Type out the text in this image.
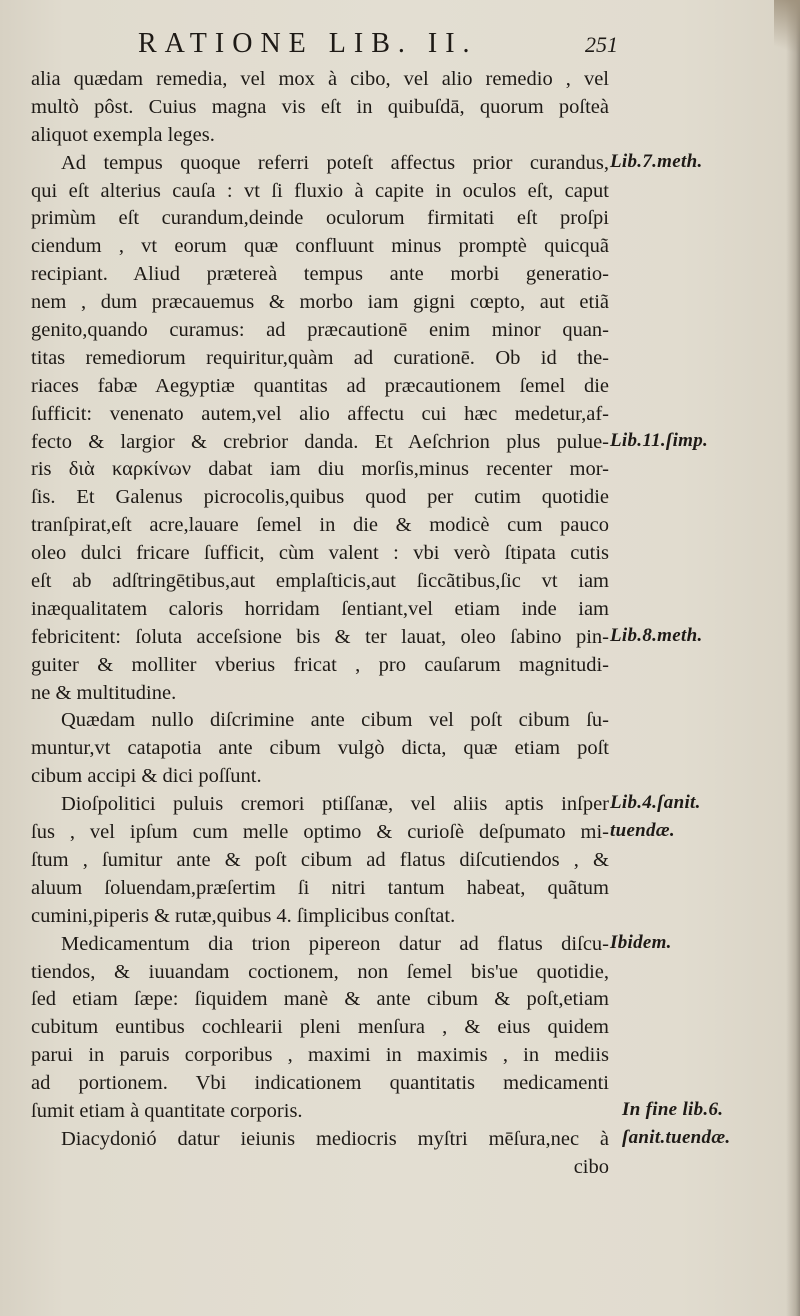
RATIONE LIB. II.	251
alia quædam remedia, vel mox à cibo, vel alio remedio , vel
multò pôst. Cuius magna vis eſt in quibuſdā, quorum poſteà
aliquot exempla leges.
Ad tempus quoque referri poteſt affectus prior curandus,
qui eſt alterius cauſa : vt ſi fluxio à capite in oculos eſt, caput
primùm eſt curandum,deinde oculorum firmitati eſt proſpi
ciendum , vt eorum quæ confluunt minus promptè quicquã
recipiant. Aliud prætereà tempus ante morbi generatio-
nem , dum præcauemus & morbo iam gigni cœpto, aut etiã
genito,quando curamus: ad præcautionē enim minor quan-
titas remediorum requiritur,quàm ad curationē. Ob id the-
riaces fabæ Aegyptiæ quantitas ad præcautionem ſemel die
ſufficit: venenato autem,vel alio affectu cui hæc medetur,af-
fecto & largior & crebrior danda. Et Aeſchrion plus pulue-
ris διὰ καρκίνων dabat iam diu morſis,minus recenter mor-
ſis. Et Galenus picrocolis,quibus quod per cutim quotidie
tranſpirat,eſt acre,lauare ſemel in die & modicè cum pauco
oleo dulci fricare ſufficit, cùm valent : vbi verò ſtipata cutis
eſt ab adſtringētibus,aut emplaſticis,aut ſiccãtibus,ſic vt iam
inæqualitatem caloris horridam ſentiant,vel etiam inde iam
febricitent: ſoluta acceſsione bis & ter lauat, oleo ſabino pin-
guiter & molliter vberius fricat , pro cauſarum magnitudi-
ne & multitudine.
Quædam nullo diſcrimine ante cibum vel poſt cibum ſu-
muntur,vt catapotia ante cibum vulgò dicta, quæ etiam poſt
cibum accipi & dici poſſunt.
Dioſpolitici puluis cremori ptiſſanæ, vel aliis aptis inſper
ſus , vel ipſum cum melle optimo & curioſè deſpumato mi-
ſtum , ſumitur ante & poſt cibum ad flatus diſcutiendos , &
aluum ſoluendam,præſertim ſi nitri tantum habeat, quãtum
cumini,piperis & rutæ,quibus 4. ſimplicibus conſtat.
Medicamentum dia trion pipereon datur ad flatus diſcu-
tiendos, & iuuandam coctionem, non ſemel bis'ue quotidie,
ſed etiam ſæpe: ſiquidem manè & ante cibum & poſt,etiam
cubitum euntibus cochlearii pleni menſura , & eius quidem
parui in paruis corporibus , maximi in maximis , in mediis
ad portionem. Vbi indicationem quantitatis medicamenti
ſumit etiam à quantitate corporis.
Diacydonió datur ieiunis mediocris myſtri mēſura,nec à
cibo
Lib.7.meth.
Lib.11.ſimp.
Lib.8.meth.
Lib.4.ſanit.
tuendæ.
Ibidem.
In fine lib.6.
ſanit.tuendæ.
